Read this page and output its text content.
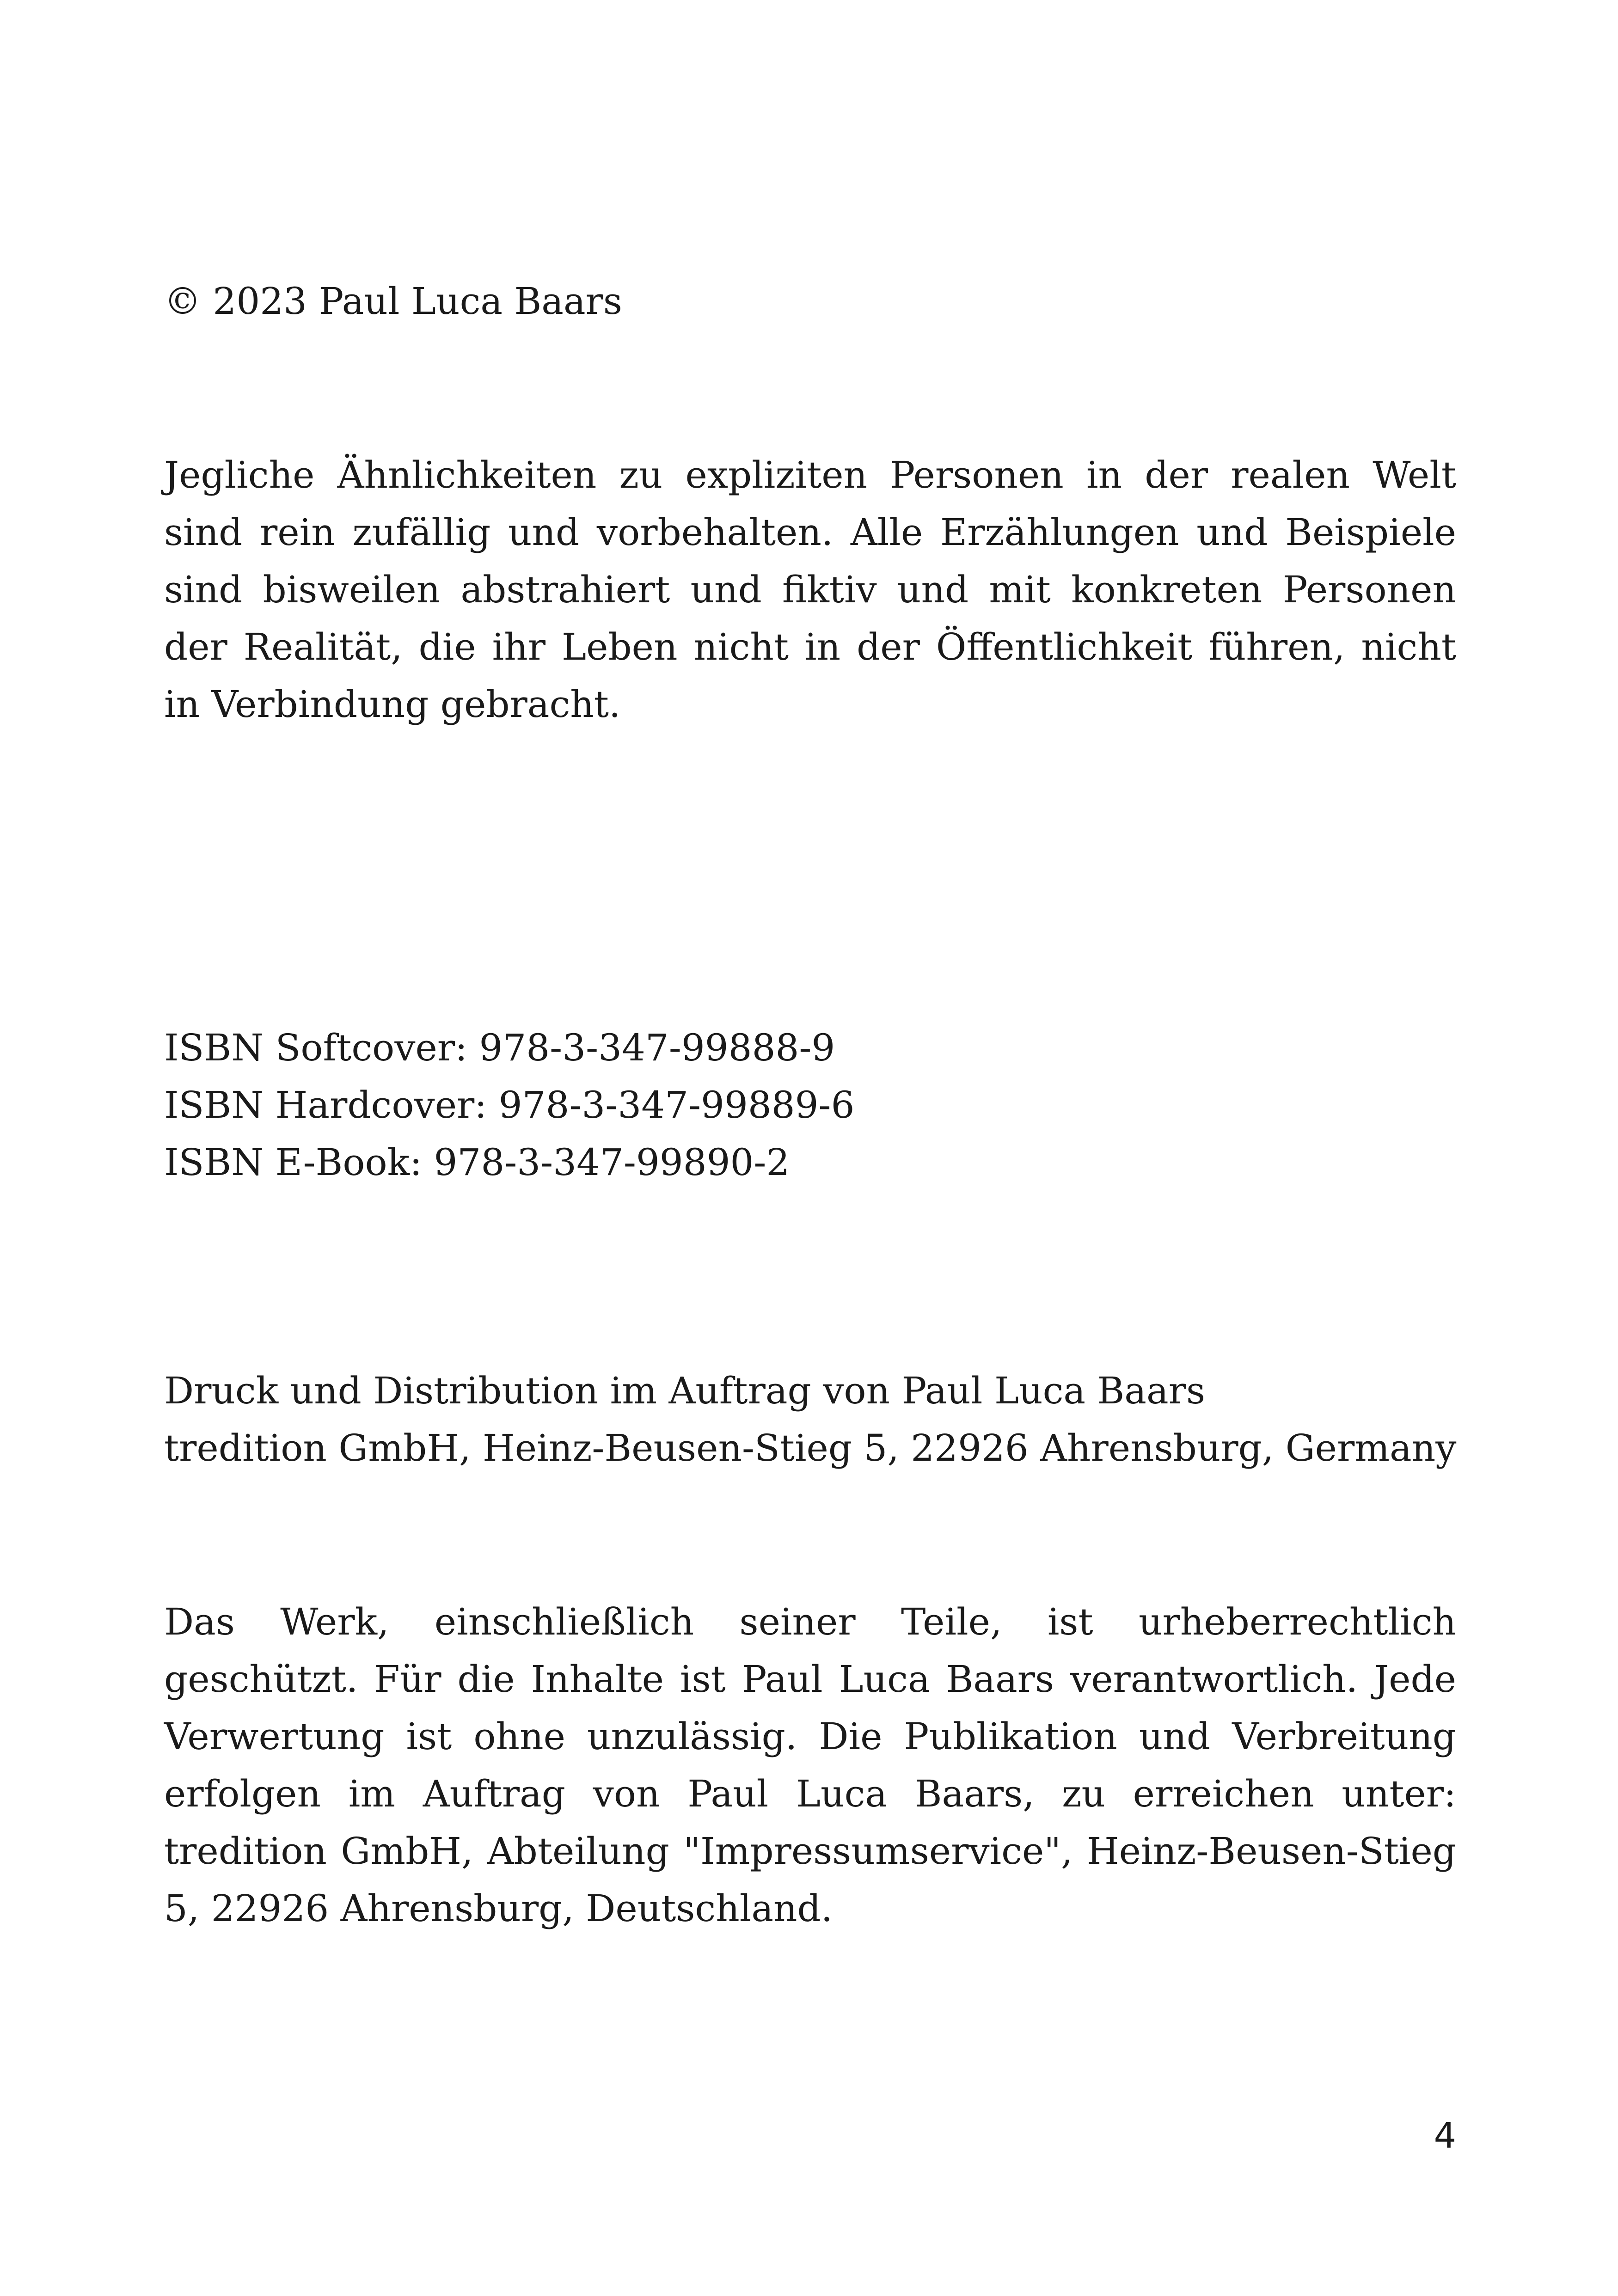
© 2023 Paul Luca Baars
Jegliche Ähnlichkeiten zu expliziten Personen in der realen Welt sind rein zufällig und vorbehalten. Alle Erzählungen und Beispiele sind bisweilen abstrahiert und fiktiv und mit konkreten Personen der Realität, die ihr Leben nicht in der Öffentlichkeit führen, nicht in Verbindung gebracht.
ISBN Softcover: 978-3-347-99888-9
ISBN Hardcover: 978-3-347-99889-6
ISBN E-Book: 978-3-347-99890-2
Druck und Distribution im Auftrag von Paul Luca Baars
tredition GmbH, Heinz-Beusen-Stieg 5, 22926 Ahrensburg, Germany
Das Werk, einschließlich seiner Teile, ist urheberrechtlich geschützt. Für die Inhalte ist Paul Luca Baars verantwortlich. Jede Verwertung ist ohne unzulässig. Die Publikation und Verbreitung erfolgen im Auftrag von Paul Luca Baars, zu erreichen unter: tredition GmbH, Abteilung "Impressumservice", Heinz-Beusen-Stieg 5, 22926 Ahrensburg, Deutschland.
4
